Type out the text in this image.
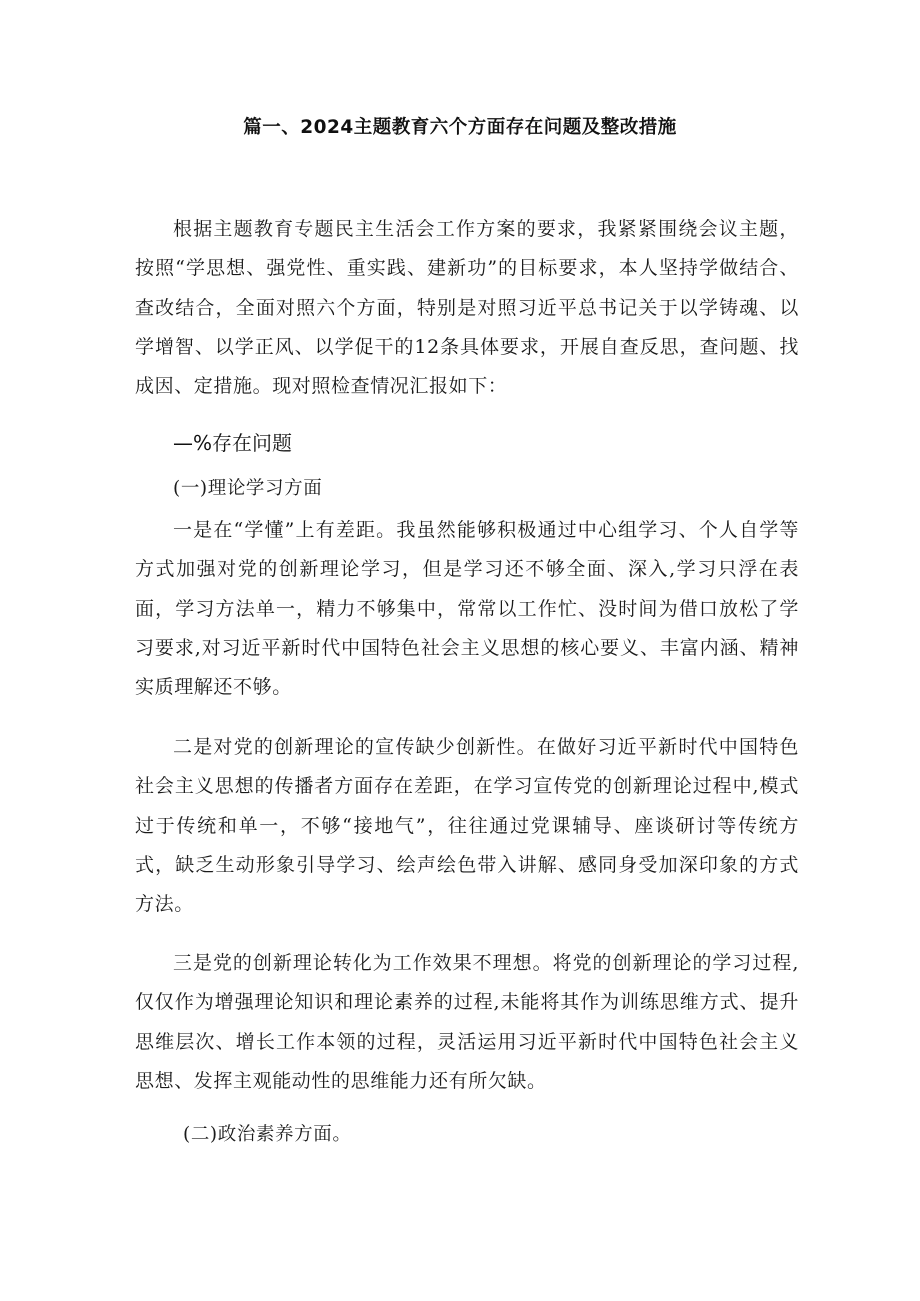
篇一、2024主题教育六个方面存在问题及整改措施

根据主题教育专题民主生活会工作方案的要求，我紧紧围绕会议主题，按照“学思想、强党性、重实践、建新功”的目标要求，本人坚持学做结合、查改结合，全面对照六个方面，特别是对照习近平总书记关于以学铸魂、以学增智、以学正风、以学促干的12条具体要求，开展自查反思，查问题、找成因、定措施。现对照检查情况汇报如下：

—%存在问题

(一)理论学习方面

一是在“学懂”上有差距。我虽然能够积极通过中心组学习、个人自学等方式加强对党的创新理论学习，但是学习还不够全面、深入,学习只浮在表面，学习方法单一，精力不够集中，常常以工作忙、没时间为借口放松了学习要求,对习近平新时代中国特色社会主义思想的核心要义、丰富内涵、精神实质理解还不够。

二是对党的创新理论的宣传缺少创新性。在做好习近平新时代中国特色社会主义思想的传播者方面存在差距，在学习宣传党的创新理论过程中,模式过于传统和单一，不够“接地气”，往往通过党课辅导、座谈研讨等传统方式，缺乏生动形象引导学习、绘声绘色带入讲解、感同身受加深印象的方式方法。

三是党的创新理论转化为工作效果不理想。将党的创新理论的学习过程,仅仅作为增强理论知识和理论素养的过程,未能将其作为训练思维方式、提升思维层次、增长工作本领的过程，灵活运用习近平新时代中国特色社会主义思想、发挥主观能动性的思维能力还有所欠缺。

(二)政治素养方面。
